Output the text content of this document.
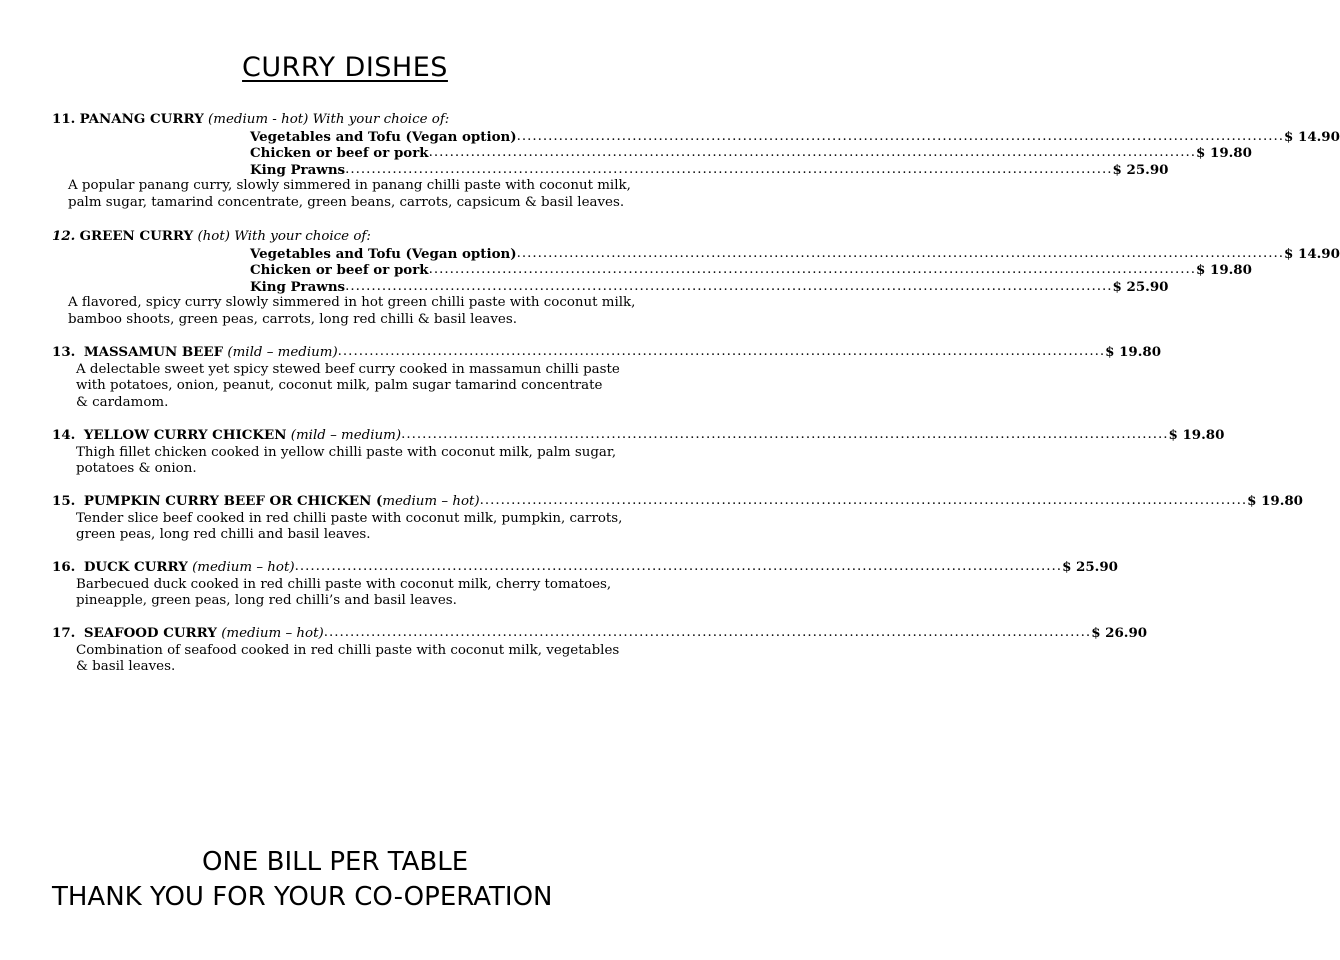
CURRY DISHES
11. PANANG CURRY (medium - hot) With your choice of:
Vegetables and Tofu (Vegan option) .................................................................................................................................................. $ 14.90
Chicken or beef or pork .................................................................................................................................................. $ 19.80
King Prawns .................................................................................................................................................. $ 25.90
A popular panang curry, slowly simmered in panang chilli paste with coconut milk,
palm sugar, tamarind concentrate, green beans, carrots, capsicum & basil leaves.
12. GREEN CURRY (hot) With your choice of:
Vegetables and Tofu (Vegan option) .................................................................................................................................................. $ 14.90
Chicken or beef or pork .................................................................................................................................................. $ 19.80
King Prawns .................................................................................................................................................. $ 25.90
A flavored, spicy curry slowly simmered in hot green chilli paste with coconut milk,
bamboo shoots, green peas, carrots, long red chilli & basil leaves.
13. MASSAMUN BEEF (mild – medium) .................................................................................................................................................. $ 19.80
A delectable sweet yet spicy stewed beef curry cooked in massamun chilli paste
with potatoes, onion, peanut, coconut milk, palm sugar tamarind concentrate
& cardamom.
14. YELLOW CURRY CHICKEN (mild – medium) .................................................................................................................................................. $ 19.80
Thigh fillet chicken cooked in yellow chilli paste with coconut milk, palm sugar,
potatoes & onion.
15. PUMPKIN CURRY BEEF OR CHICKEN (medium – hot) .................................................................................................................................................. $ 19.80
Tender slice beef cooked in red chilli paste with coconut milk, pumpkin, carrots,
green peas, long red chilli and basil leaves.
16. DUCK CURRY (medium – hot) .................................................................................................................................................. $ 25.90
Barbecued duck cooked in red chilli paste with coconut milk, cherry tomatoes,
pineapple, green peas, long red chilli’s and basil leaves.
17. SEAFOOD CURRY (medium – hot) .................................................................................................................................................. $ 26.90
Combination of seafood cooked in red chilli paste with coconut milk, vegetables
& basil leaves.
ONE BILL PER TABLE
THANK YOU FOR YOUR CO-OPERATION
